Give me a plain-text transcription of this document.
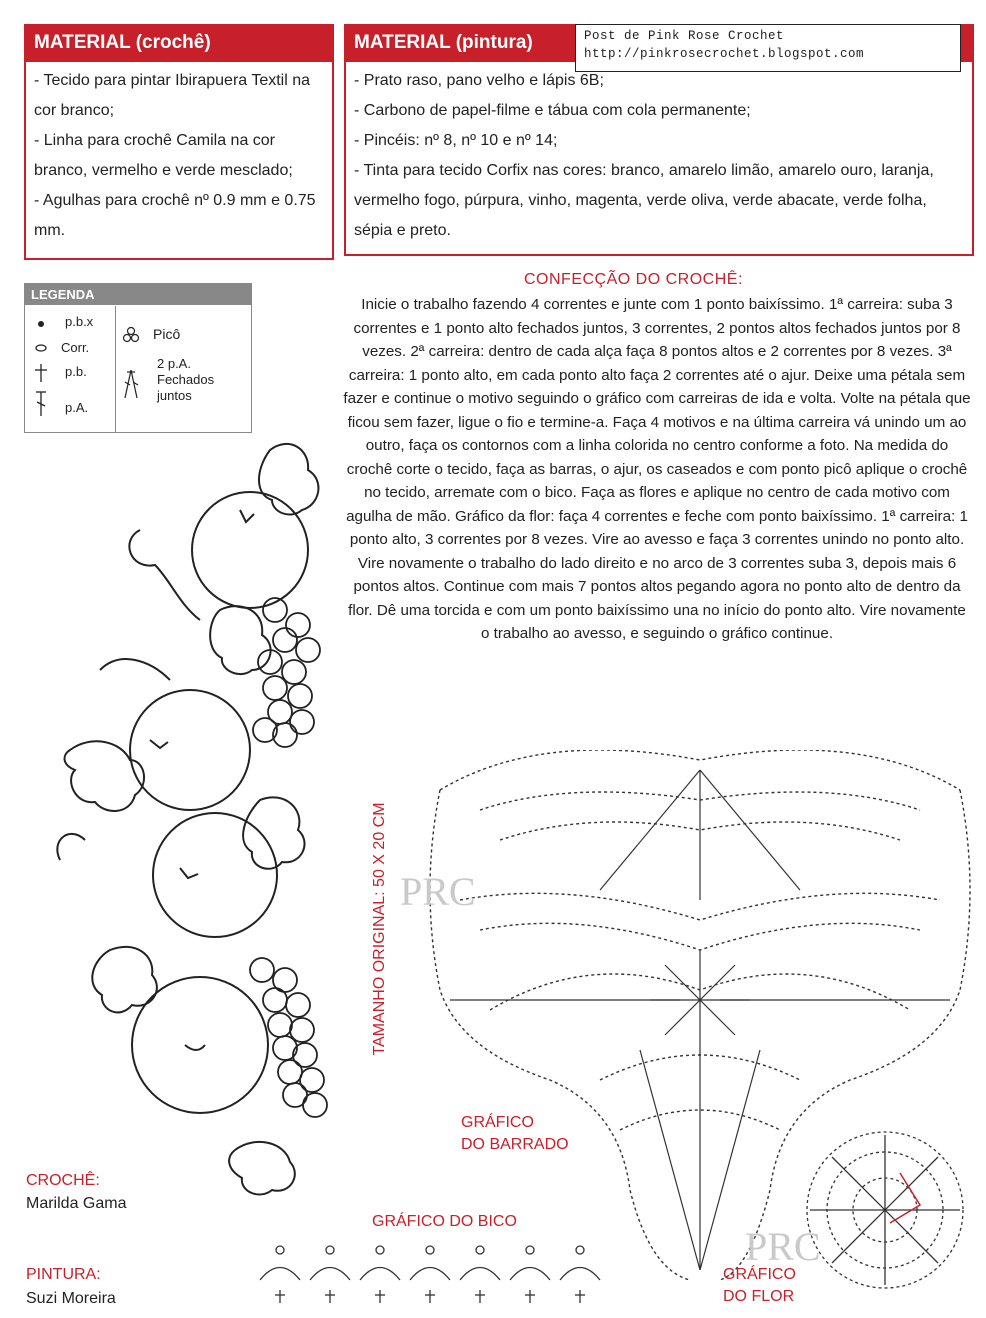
MATERIAL (crochê)

- Tecido para pintar Ibirapuera Textil na cor branco;

- Linha para crochê Camila na cor branco, vermelho e verde mesclado;

- Agulhas para crochê nº 0.9 mm e 0.75 mm.

MATERIAL (pintura)

- Prato raso, pano velho e lápis 6B;

- Carbono de papel-filme e tábua com cola permanente;

- Pincéis: nº 8, nº 10 e nº 14;

- Tinta para tecido Corfix nas cores: branco, amarelo limão, amarelo ouro, laranja, vermelho fogo, púrpura, vinho, magenta, verde oliva, verde abacate, verde folha, sépia e preto.

Post de Pink Rose Crochet
http://pinkrosecrochet.blogspot.com
LEGENDA
p.b.x
Corr.
p.b.
p.A.
Picô
2 p.A. Fechados juntos
CONFECÇÃO DO CROCHÊ:
Inicie o trabalho fazendo 4 correntes e junte com 1 ponto baixíssimo. 1ª carreira: suba 3 correntes e 1 ponto alto fechados juntos, 3 correntes, 2 pontos altos fechados juntos por 8 vezes. 2ª carreira: dentro de cada alça faça 8 pontos altos e 2 correntes por 8 vezes. 3ª carreira: 1 ponto alto, em cada ponto alto faça 2 correntes até o ajur. Deixe uma pétala sem fazer e continue o motivo seguindo o gráfico com carreiras de ida e volta. Volte na pétala que ficou sem fazer, ligue o fio e termine-a. Faça 4 motivos e na última carreira vá unindo um ao outro, faça os contornos com a linha colorida no centro conforme a foto. Na medida do crochê corte o tecido, faça as barras, o ajur, os caseados e com ponto picô aplique o crochê no tecido, arremate com o bico. Faça as flores e aplique no centro de cada motivo com agulha de mão. Gráfico da flor: faça 4 correntes e feche com ponto baixíssimo. 1ª carreira: 1 ponto alto, 3 correntes por 8 vezes. Vire ao avesso e faça 3 correntes unindo no ponto alto. Vire novamente o trabalho do lado direito e no arco de 3 correntes suba 3, depois mais 6 pontos altos. Continue com mais 7 pontos altos pegando agora no ponto alto de dentro da flor. Dê uma torcida e com um ponto baixíssimo una no início do ponto alto. Vire novamente o trabalho ao avesso, e seguindo o gráfico continue.
TAMANHO ORIGINAL: 50 X 20 CM PRC
PRC
GRÁFICO
DO BARRADO
GRÁFICO DO BICO
GRÁFICO
DO FLOR
CROCHÊ:
Marilda Gama
PINTURA:
Suzi Moreira
